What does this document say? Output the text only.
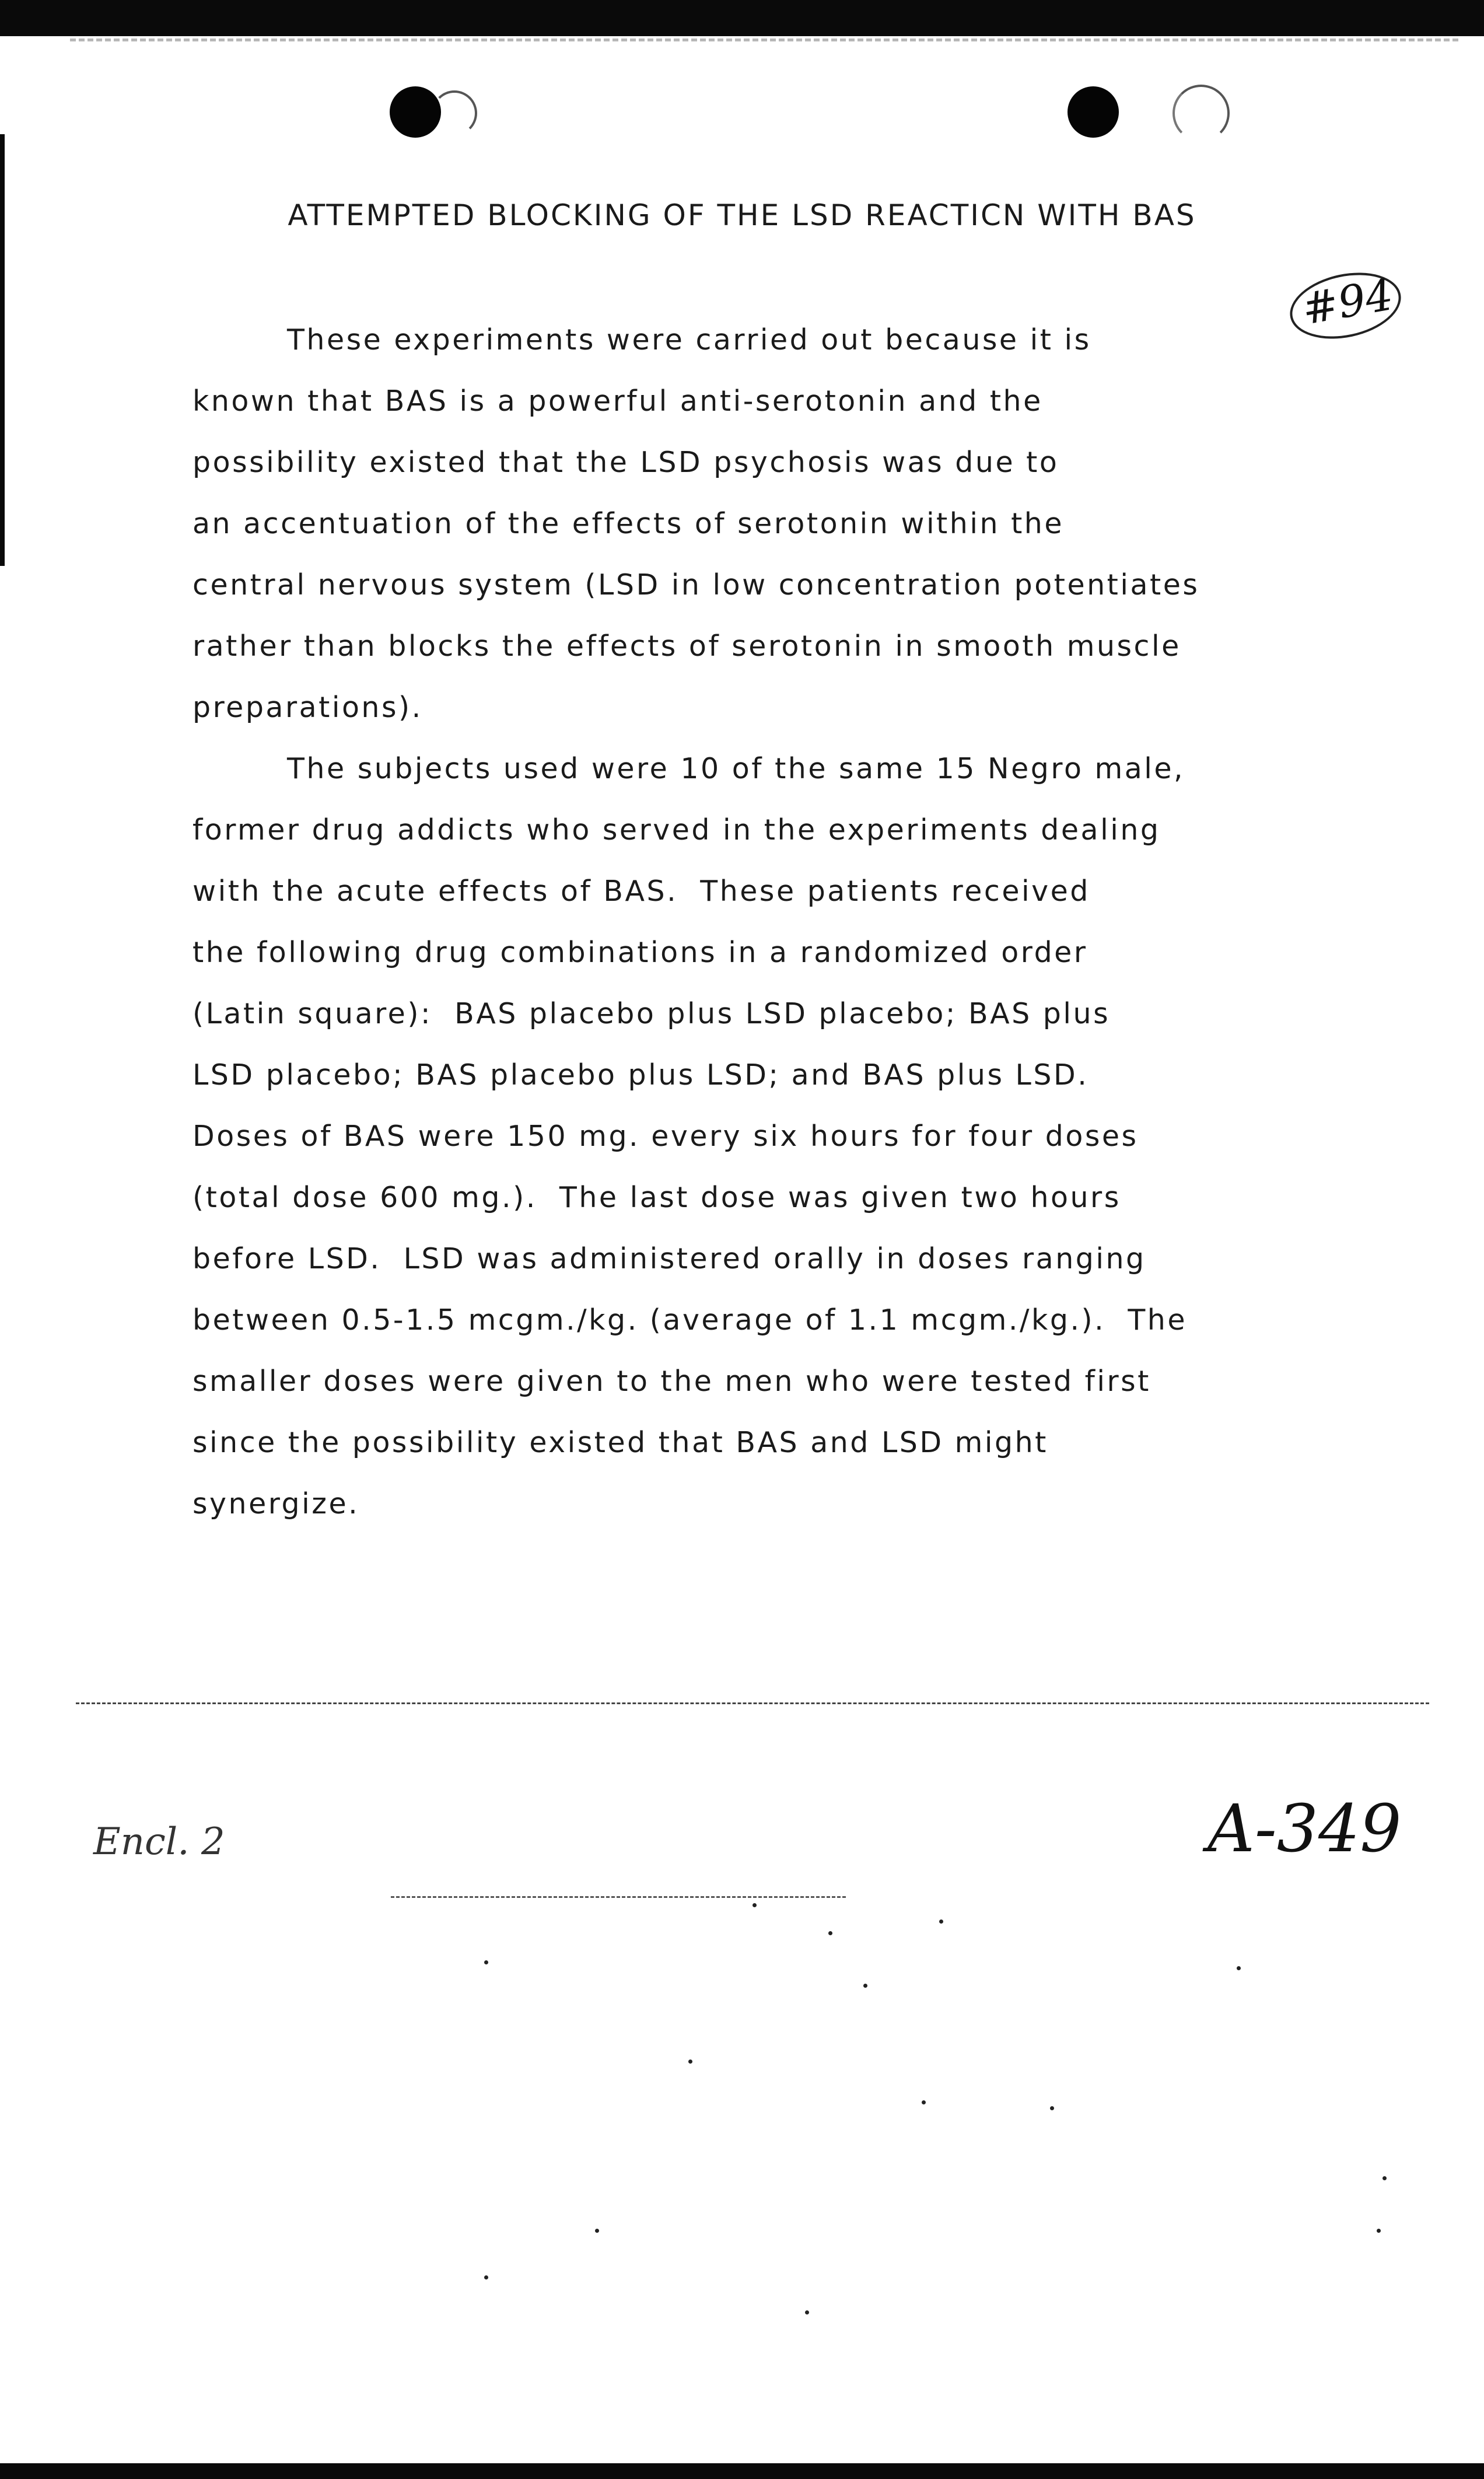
ATTEMPTED BLOCKING OF THE LSD REACTICN WITH BAS
#94
These experiments were carried out because it is
known that BAS is a powerful anti-serotonin and the
possibility existed that the LSD psychosis was due to
an accentuation of the effects of serotonin within the
central nervous system (LSD in low concentration potentiates
rather than blocks the effects of serotonin in smooth muscle
preparations).
The subjects used were 10 of the same 15 Negro male,
former drug addicts who served in the experiments dealing
with the acute effects of BAS.  These patients received
the following drug combinations in a randomized order
(Latin square):  BAS placebo plus LSD placebo; BAS plus
LSD placebo; BAS placebo plus LSD; and BAS plus LSD.
Doses of BAS were 150 mg. every six hours for four doses
(total dose 600 mg.).  The last dose was given two hours
before LSD.  LSD was administered orally in doses ranging
between 0.5-1.5 mcgm./kg. (average of 1.1 mcgm./kg.).  The
smaller doses were given to the men who were tested first
since the possibility existed that BAS and LSD might
synergize.
Encl. 2	A-349
